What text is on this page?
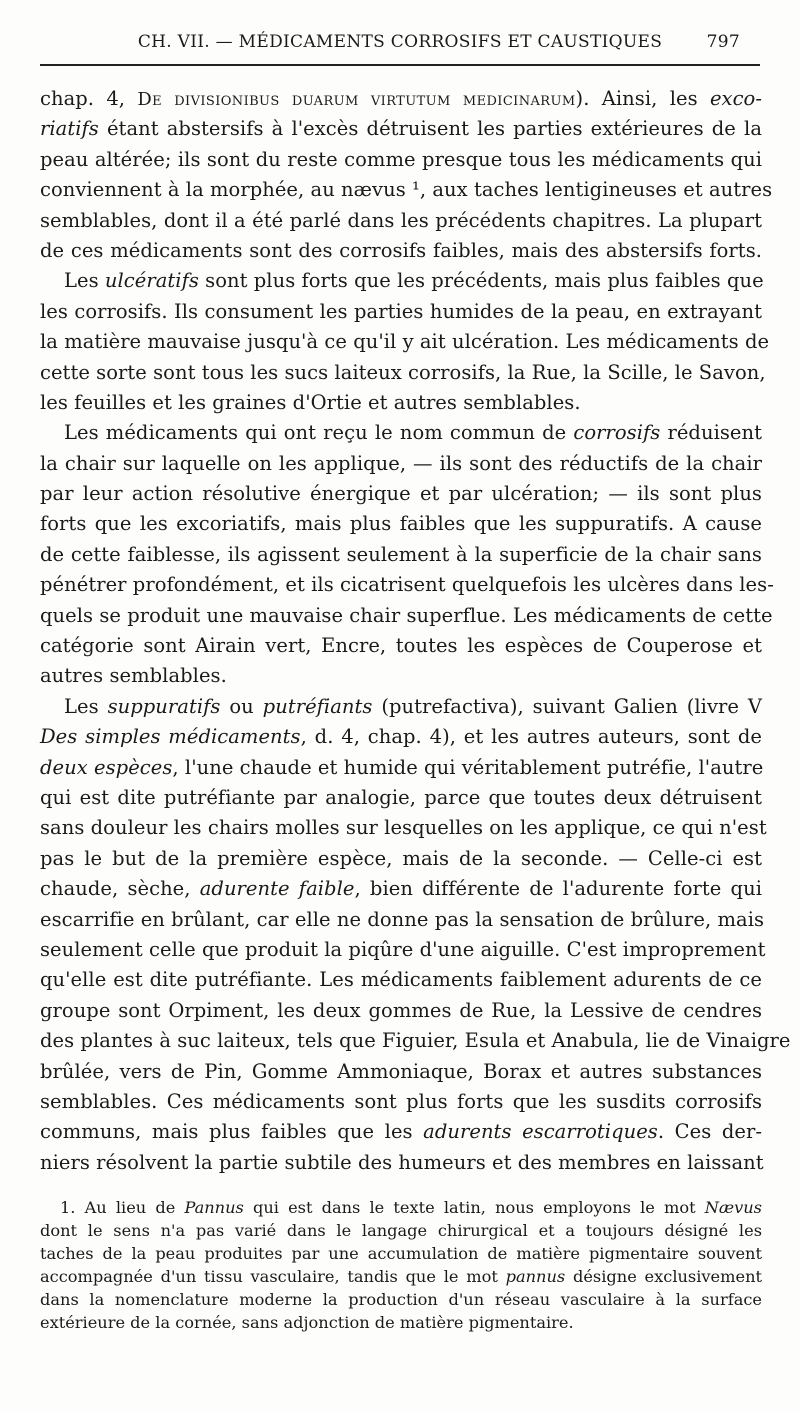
CH. VII. — MÉDICAMENTS CORROSIFS ET CAUSTIQUES	797
chap. 4, De divisionibus duarum virtutum medicinarum). Ainsi, les exco-
riatifs étant abstersifs à l'excès détruisent les parties extérieures de la
peau altérée; ils sont du reste comme presque tous les médicaments qui
conviennent à la morphée, au nævus ¹, aux taches lentigineuses et autres
semblables, dont il a été parlé dans les précédents chapitres. La plupart
de ces médicaments sont des corrosifs faibles, mais des abstersifs forts.
Les ulcératifs sont plus forts que les précédents, mais plus faibles que
les corrosifs. Ils consument les parties humides de la peau, en extrayant
la matière mauvaise jusqu'à ce qu'il y ait ulcération. Les médicaments de
cette sorte sont tous les sucs laiteux corrosifs, la Rue, la Scille, le Savon,
les feuilles et les graines d'Ortie et autres semblables.
Les médicaments qui ont reçu le nom commun de corrosifs réduisent
la chair sur laquelle on les applique, — ils sont des réductifs de la chair
par leur action résolutive énergique et par ulcération; — ils sont plus
forts que les excoriatifs, mais plus faibles que les suppuratifs. A cause
de cette faiblesse, ils agissent seulement à la superficie de la chair sans
pénétrer profondément, et ils cicatrisent quelquefois les ulcères dans les-
quels se produit une mauvaise chair superflue. Les médicaments de cette
catégorie sont Airain vert, Encre, toutes les espèces de Couperose et
autres semblables.
Les suppuratifs ou putréfiants (putrefactiva), suivant Galien (livre V
Des simples médicaments, d. 4, chap. 4), et les autres auteurs, sont de
deux espèces, l'une chaude et humide qui véritablement putréfie, l'autre
qui est dite putréfiante par analogie, parce que toutes deux détruisent
sans douleur les chairs molles sur lesquelles on les applique, ce qui n'est
pas le but de la première espèce, mais de la seconde. — Celle-ci est
chaude, sèche, adurente faible, bien différente de l'adurente forte qui
escarrifie en brûlant, car elle ne donne pas la sensation de brûlure, mais
seulement celle que produit la piqûre d'une aiguille. C'est improprement
qu'elle est dite putréfiante. Les médicaments faiblement adurents de ce
groupe sont Orpiment, les deux gommes de Rue, la Lessive de cendres
des plantes à suc laiteux, tels que Figuier, Esula et Anabula, lie de Vinaigre
brûlée, vers de Pin, Gomme Ammoniaque, Borax et autres substances
semblables. Ces médicaments sont plus forts que les susdits corrosifs
communs, mais plus faibles que les adurents escarrotiques. Ces der-
niers résolvent la partie subtile des humeurs et des membres en laissant
1. Au lieu de Pannus qui est dans le texte latin, nous employons le mot Nævus
dont le sens n'a pas varié dans le langage chirurgical et a toujours désigné les
taches de la peau produites par une accumulation de matière pigmentaire souvent
accompagnée d'un tissu vasculaire, tandis que le mot pannus désigne exclusivement
dans la nomenclature moderne la production d'un réseau vasculaire à la surface
extérieure de la cornée, sans adjonction de matière pigmentaire.
